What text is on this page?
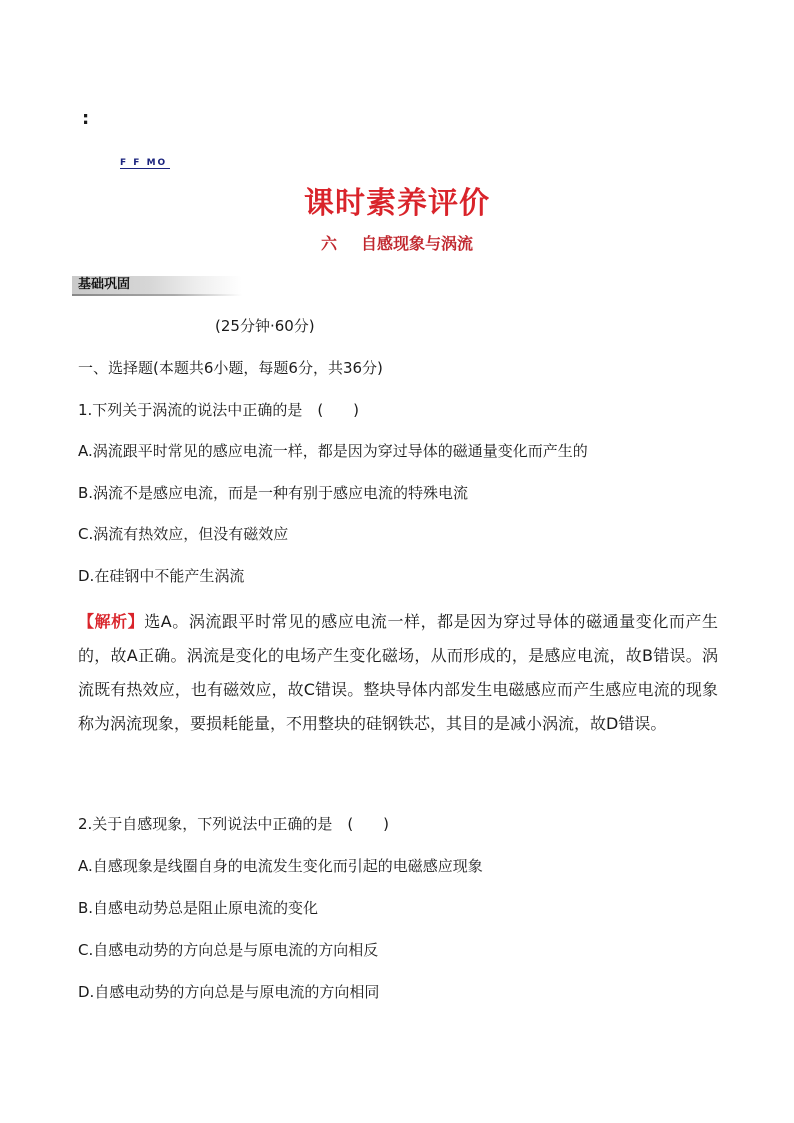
:
F F MO
课时素养评价
六 自感现象与涡流
基础巩固
(25分钟·60分)
一、选择题(本题共6小题，每题6分，共36分)
1.下列关于涡流的说法中正确的是　(　　)
A.涡流跟平时常见的感应电流一样，都是因为穿过导体的磁通量变化而产生的
B.涡流不是感应电流，而是一种有别于感应电流的特殊电流
C.涡流有热效应，但没有磁效应
D.在硅钢中不能产生涡流
【解析】选A。涡流跟平时常见的感应电流一样，都是因为穿过导体的磁通量变化而产生的，故A正确。涡流是变化的电场产生变化磁场，从而形成的，是感应电流，故B错误。涡流既有热效应，也有磁效应，故C错误。整块导体内部发生电磁感应而产生感应电流的现象称为涡流现象，要损耗能量，不用整块的硅钢铁芯，其目的是减小涡流，故D错误。
2.关于自感现象，下列说法中正确的是　(　　)
A.自感现象是线圈自身的电流发生变化而引起的电磁感应现象
B.自感电动势总是阻止原电流的变化
C.自感电动势的方向总是与原电流的方向相反
D.自感电动势的方向总是与原电流的方向相同
